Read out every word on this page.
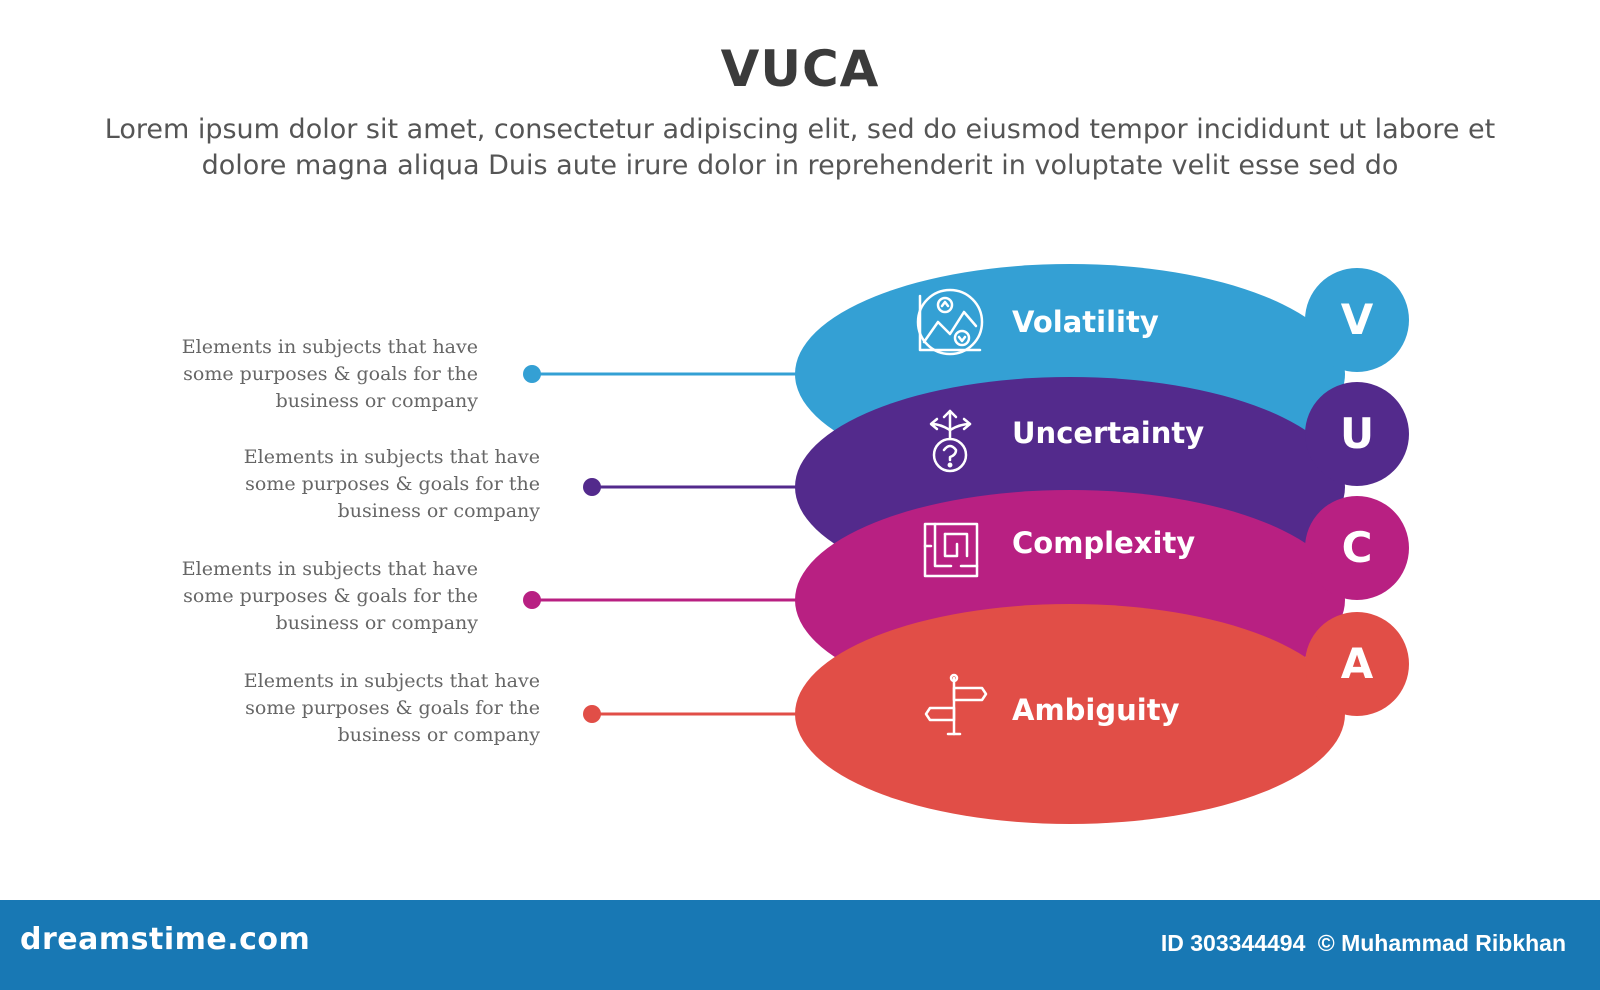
VUCA
Lorem ipsum dolor sit amet, consectetur adipiscing elit, sed do eiusmod tempor incididunt ut labore et dolore magna aliqua Duis aute irure dolor in reprehenderit in voluptate velit esse sed do
Elements in subjects that have some purposes & goals for the business or company
Elements in subjects that have some purposes & goals for the business or company
Elements in subjects that have some purposes & goals for the business or company
Elements in subjects that have some purposes & goals for the business or company
V
U
C
A
Volatility
Uncertainty
Complexity
Ambiguity
dreamstime.com	ID 303344494 © Muhammad Ribkhan
